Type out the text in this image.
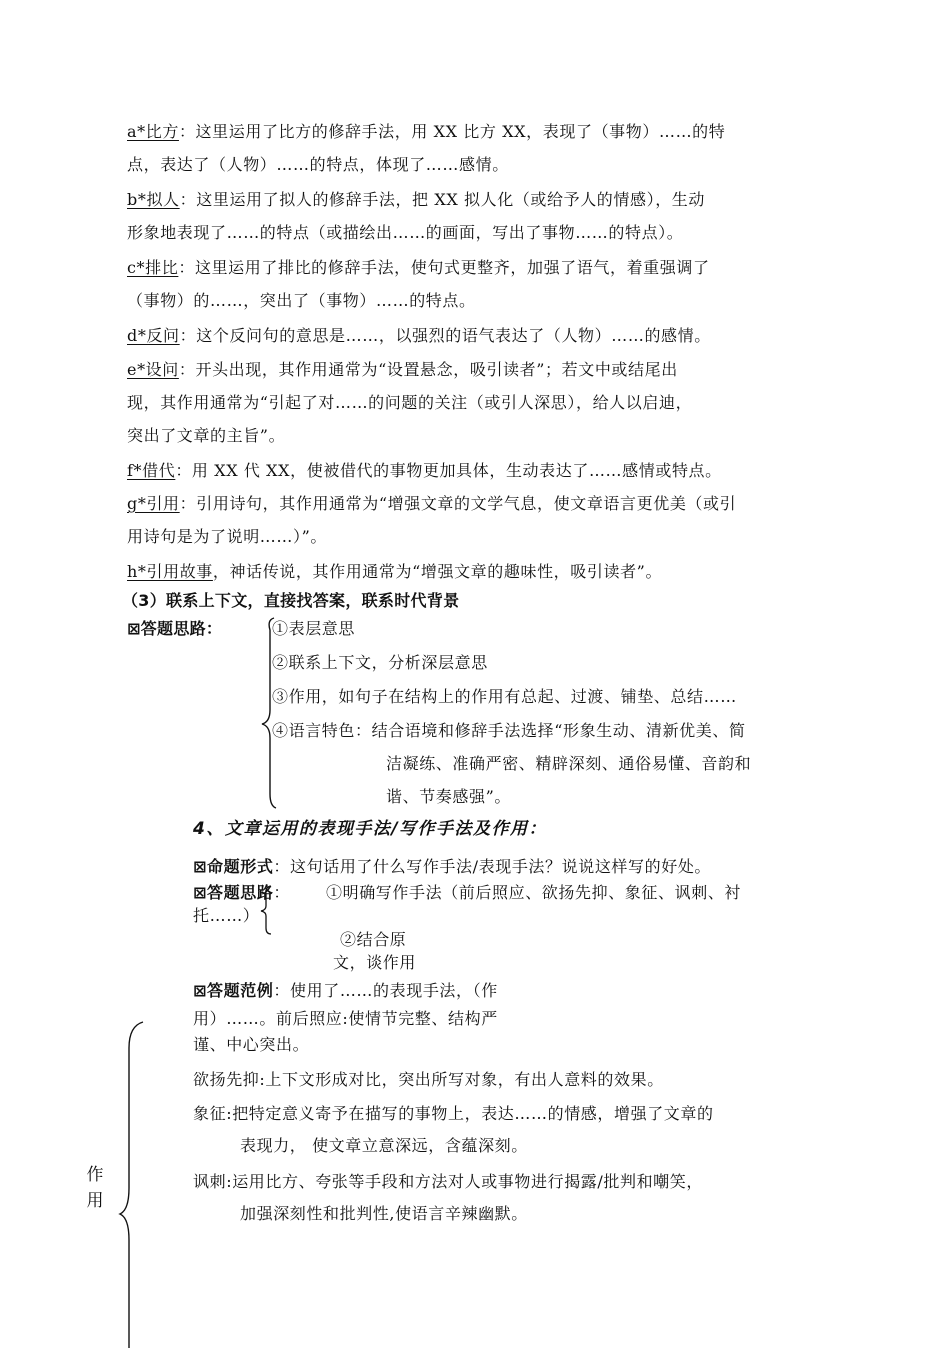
a*比方：这里运用了比方的修辞手法，用 XX 比方 XX，表现了（事物）……的特
点，表达了（人物）……的特点，体现了……感情。
b*拟人：这里运用了拟人的修辞手法，把 XX 拟人化（或给予人的情感），生动
形象地表现了……的特点（或描绘出……的画面，写出了事物……的特点）。
c*排比：这里运用了排比的修辞手法，使句式更整齐，加强了语气，着重强调了
（事物）的……，突出了（事物）……的特点。
d*反问：这个反问句的意思是……，以强烈的语气表达了（人物）……的感情。
e*设问：开头出现，其作用通常为“设置悬念，吸引读者”；若文中或结尾出
现，其作用通常为“引起了对……的问题的关注（或引人深思），给人以启迪，
突出了文章的主旨”。
f*借代：用 XX 代 XX，使被借代的事物更加具体，生动表达了……感情或特点。
g*引用：引用诗句，其作用通常为“增强文章的文学气息，使文章语言更优美（或引
用诗句是为了说明……）”。
h*引用故事，神话传说，其作用通常为“增强文章的趣味性，吸引读者”。
（3）联系上下文，直接找答案，联系时代背景
⊠答题思路：	①表层意思
②联系上下文，分析深层意思
③作用，如句子在结构上的作用有总起、过渡、铺垫、总结……
④语言特色：结合语境和修辞手法选择“形象生动、清新优美、简
洁凝练、准确严密、精辟深刻、通俗易懂、音韵和
谐、节奏感强”。
4、文章运用的表现手法/写作手法及作用：
⊠命题形式：这句话用了什么写作手法/表现手法？说说这样写的好处。
⊠答题思路： ①明确写作手法（前后照应、欲扬先抑、象征、讽刺、衬
托……）
②结合原
文，谈作用
⊠答题范例：使用了……的表现手法，（作
用）……。前后照应:使情节完整、结构严
谨、中心突出。
欲扬先抑:上下文形成对比，突出所写对象，有出人意料的效果。
象征:把特定意义寄予在描写的事物上，表达……的情感，增强了文章的
表现力， 使文章立意深远，含蕴深刻。
讽刺:运用比方、夸张等手段和方法对人或事物进行揭露/批判和嘲笑，
加强深刻性和批判性,使语言辛辣幽默。
作用
